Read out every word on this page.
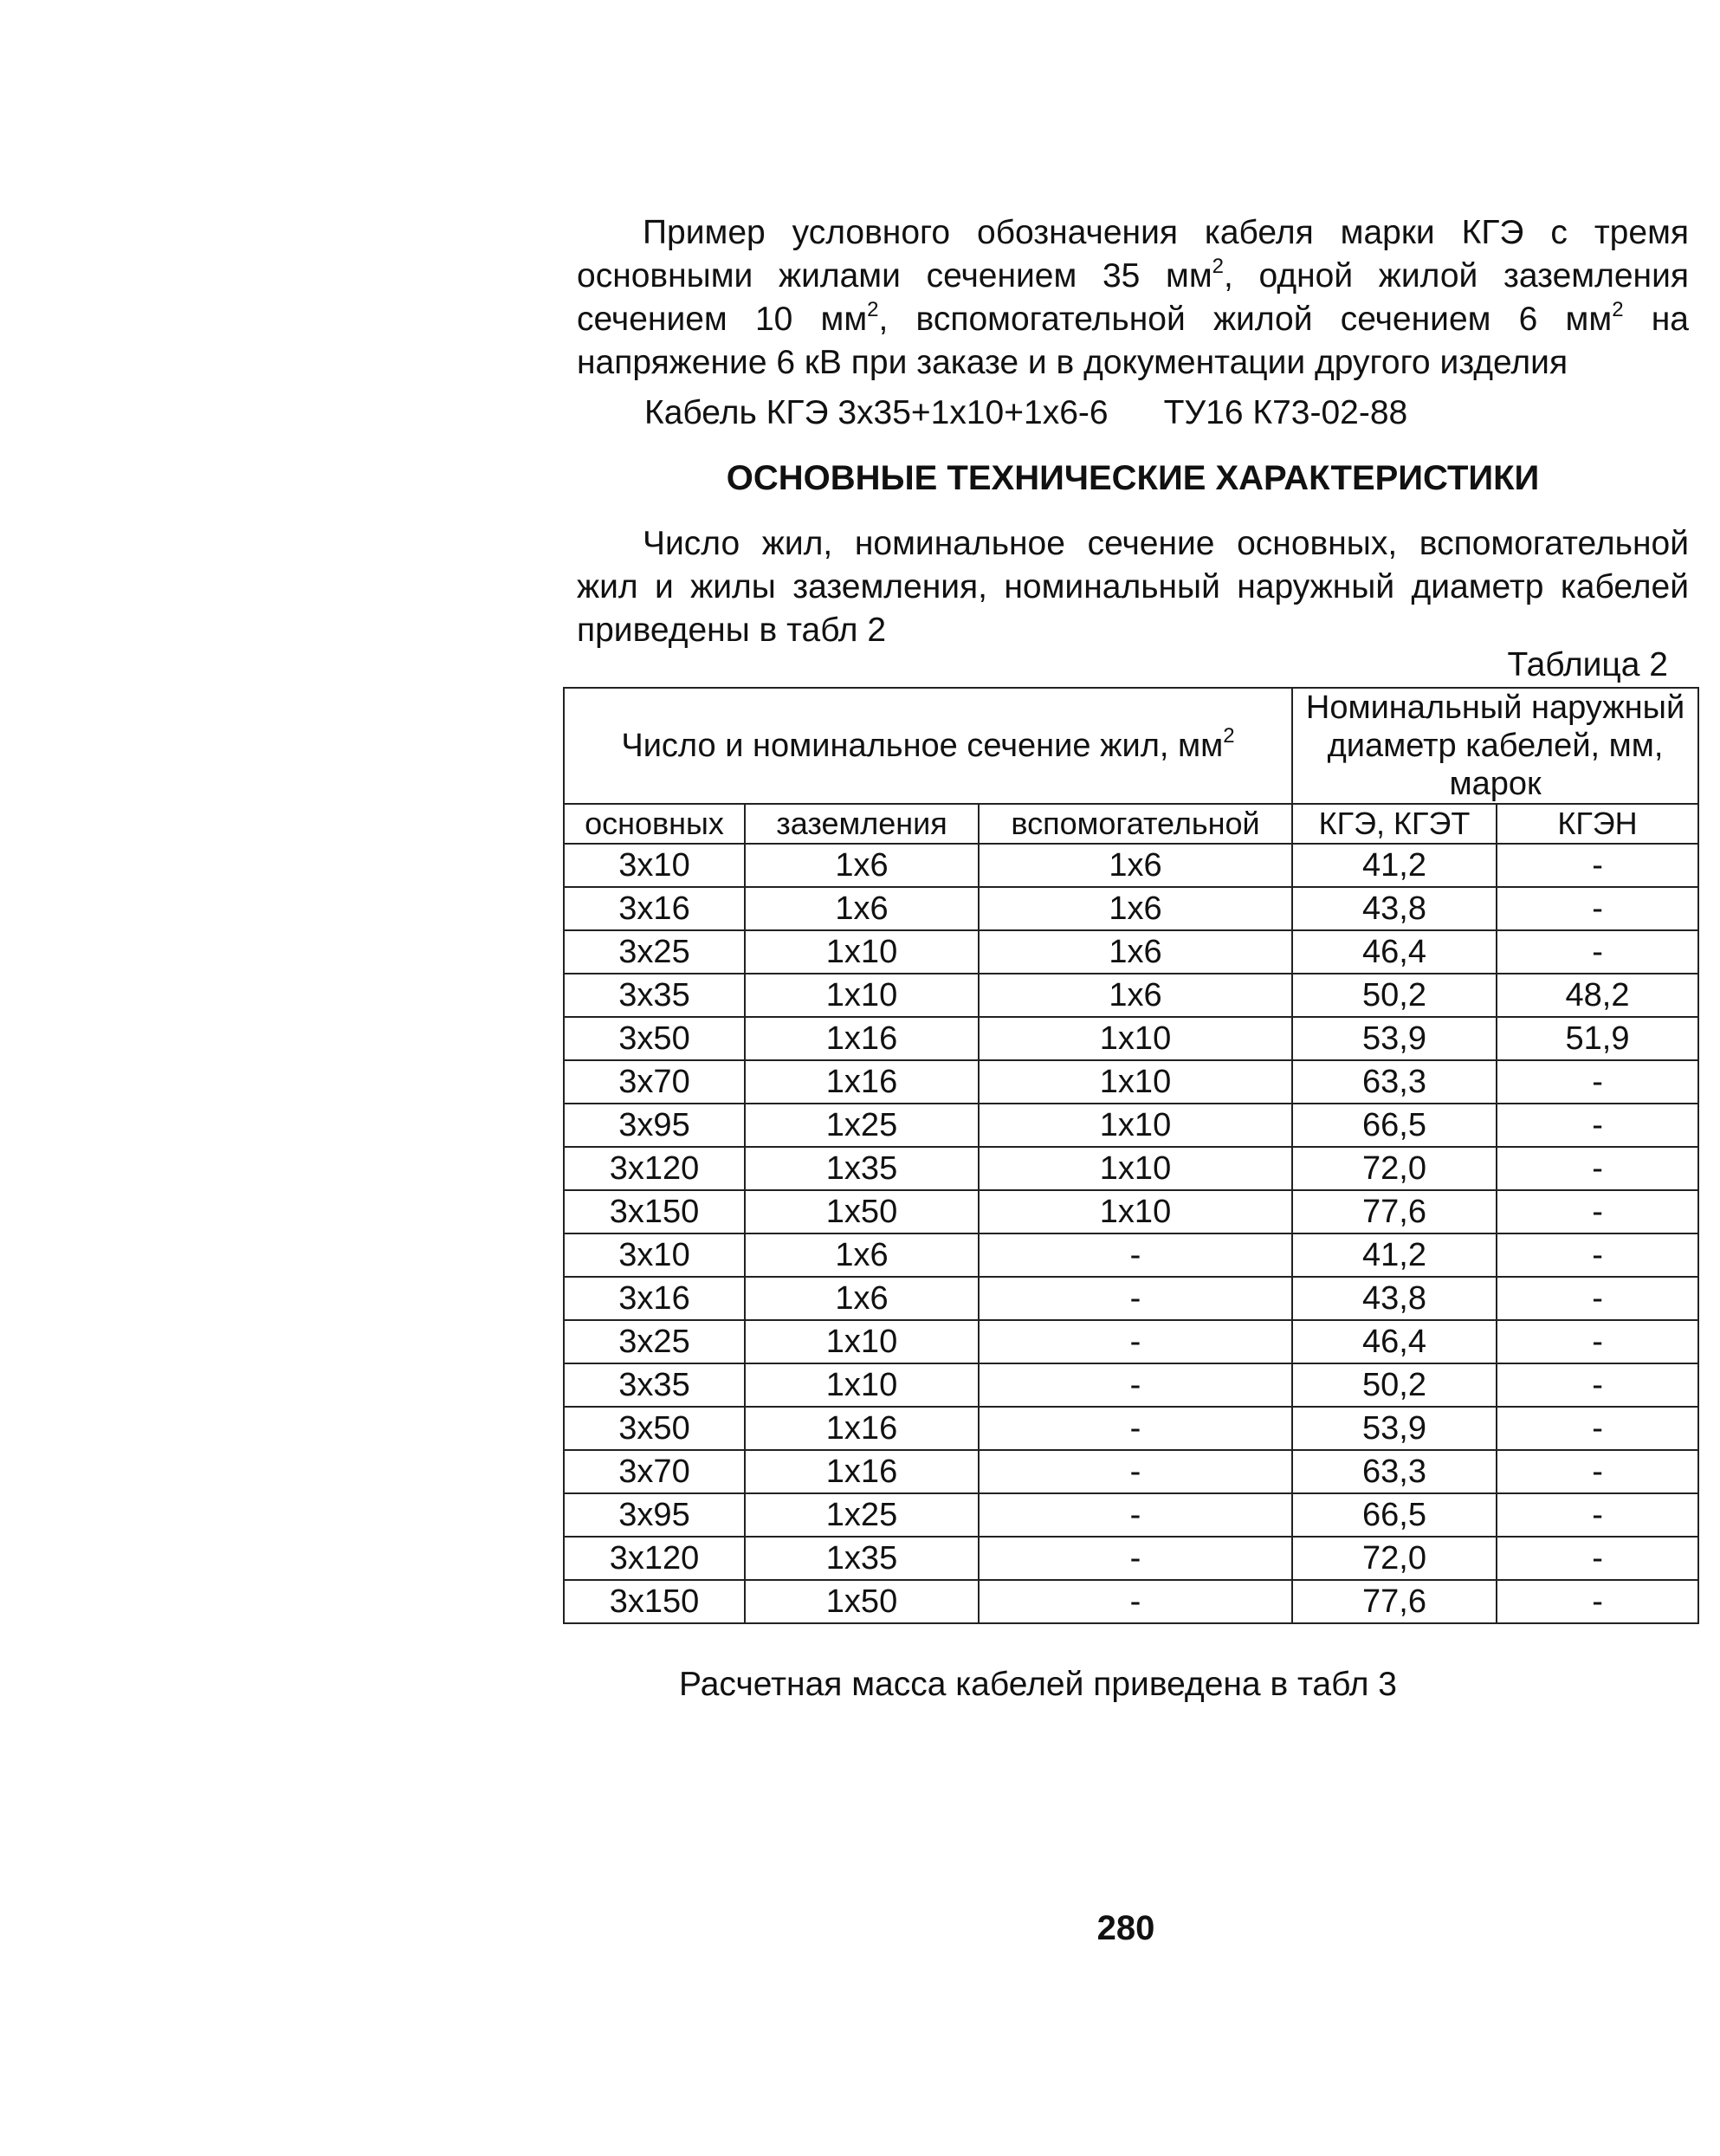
Пример условного обозначения кабеля марки КГЭ с тремя основными жилами сечением 35 $мм^2$, одной жилой заземления сечением 10 $мм^2$, вспомогательной жилой сечением 6 $мм^2$ на напряжение 6 кВ при заказе и в документации другого изделия
Кабель КГЭ 3х35+1х10+1х6-6 ТУ16 К73-02-88
ОСНОВНЫЕ ТЕХНИЧЕСКИЕ ХАРАКТЕРИСТИКИ
Число жил, номинальное сечение основных, вспомогательной жил и жилы заземления, номинальный наружный диаметр кабелей приведены в табл 2
Таблица 2
Число и номинальное сечение жил, $мм^2$			Номинальный наружный диаметр кабелей, мм, марок	
основных	заземления	вспомогательной	КГЭ, КГЭТ	КГЭН
3х10	1х6	1х6	41,2	-
3х16	1х6	1х6	43,8	-
3х25	1х10	1х6	46,4	-
3х35	1х10	1х6	50,2	48,2
3х50	1х16	1х10	53,9	51,9
3х70	1х16	1х10	63,3	-
3х95	1х25	1х10	66,5	-
3х120	1х35	1х10	72,0	-
3х150	1х50	1х10	77,6	-
3х10	1х6	-	41,2	-
3х16	1х6	-	43,8	-
3х25	1х10	-	46,4	-
3х35	1х10	-	50,2	-
3х50	1х16	-	53,9	-
3х70	1х16	-	63,3	-
3х95	1х25	-	66,5	-
3х120	1х35	-	72,0	-
3х150	1х50	-	77,6	-
Расчетная масса кабелей приведена в табл 3
280
